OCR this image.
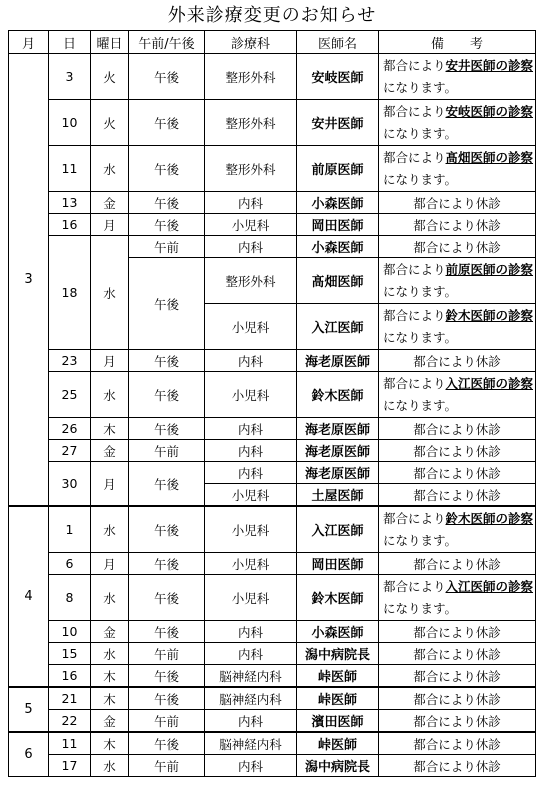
外来診療変更のお知らせ
月	日	曜日	午前/午後	診療科	医師名	備　　考
3	3	火	午後	整形外科	安岐医師	都合により安井医師の診察になります。
	10	火	午後	整形外科	安井医師	都合により安岐医師の診察になります。
	11	水	午後	整形外科	前原医師	都合により髙畑医師の診察になります。
	13	金	午後	内科	小森医師	都合により休診
	16	月	午後	小児科	岡田医師	都合により休診
	18	水	午前	内科	小森医師	都合により休診
			午後	整形外科	髙畑医師	都合により前原医師の診察になります。
				小児科	入江医師	都合により鈴木医師の診察になります。
	23	月	午後	内科	海老原医師	都合により休診
	25	水	午後	小児科	鈴木医師	都合により入江医師の診察になります。
	26	木	午後	内科	海老原医師	都合により休診
	27	金	午前	内科	海老原医師	都合により休診
	30	月	午後	内科	海老原医師	都合により休診
				小児科	土屋医師	都合により休診
4	1	水	午後	小児科	入江医師	都合により鈴木医師の診察になります。
	6	月	午後	小児科	岡田医師	都合により休診
	8	水	午後	小児科	鈴木医師	都合により入江医師の診察になります。
	10	金	午後	内科	小森医師	都合により休診
	15	水	午前	内科	潟中病院長	都合により休診
	16	木	午後	脳神経内科	峠医師	都合により休診
5	21	木	午後	脳神経内科	峠医師	都合により休診
	22	金	午前	内科	濱田医師	都合により休診
6	11	木	午後	脳神経内科	峠医師	都合により休診
	17	水	午前	内科	潟中病院長	都合により休診
